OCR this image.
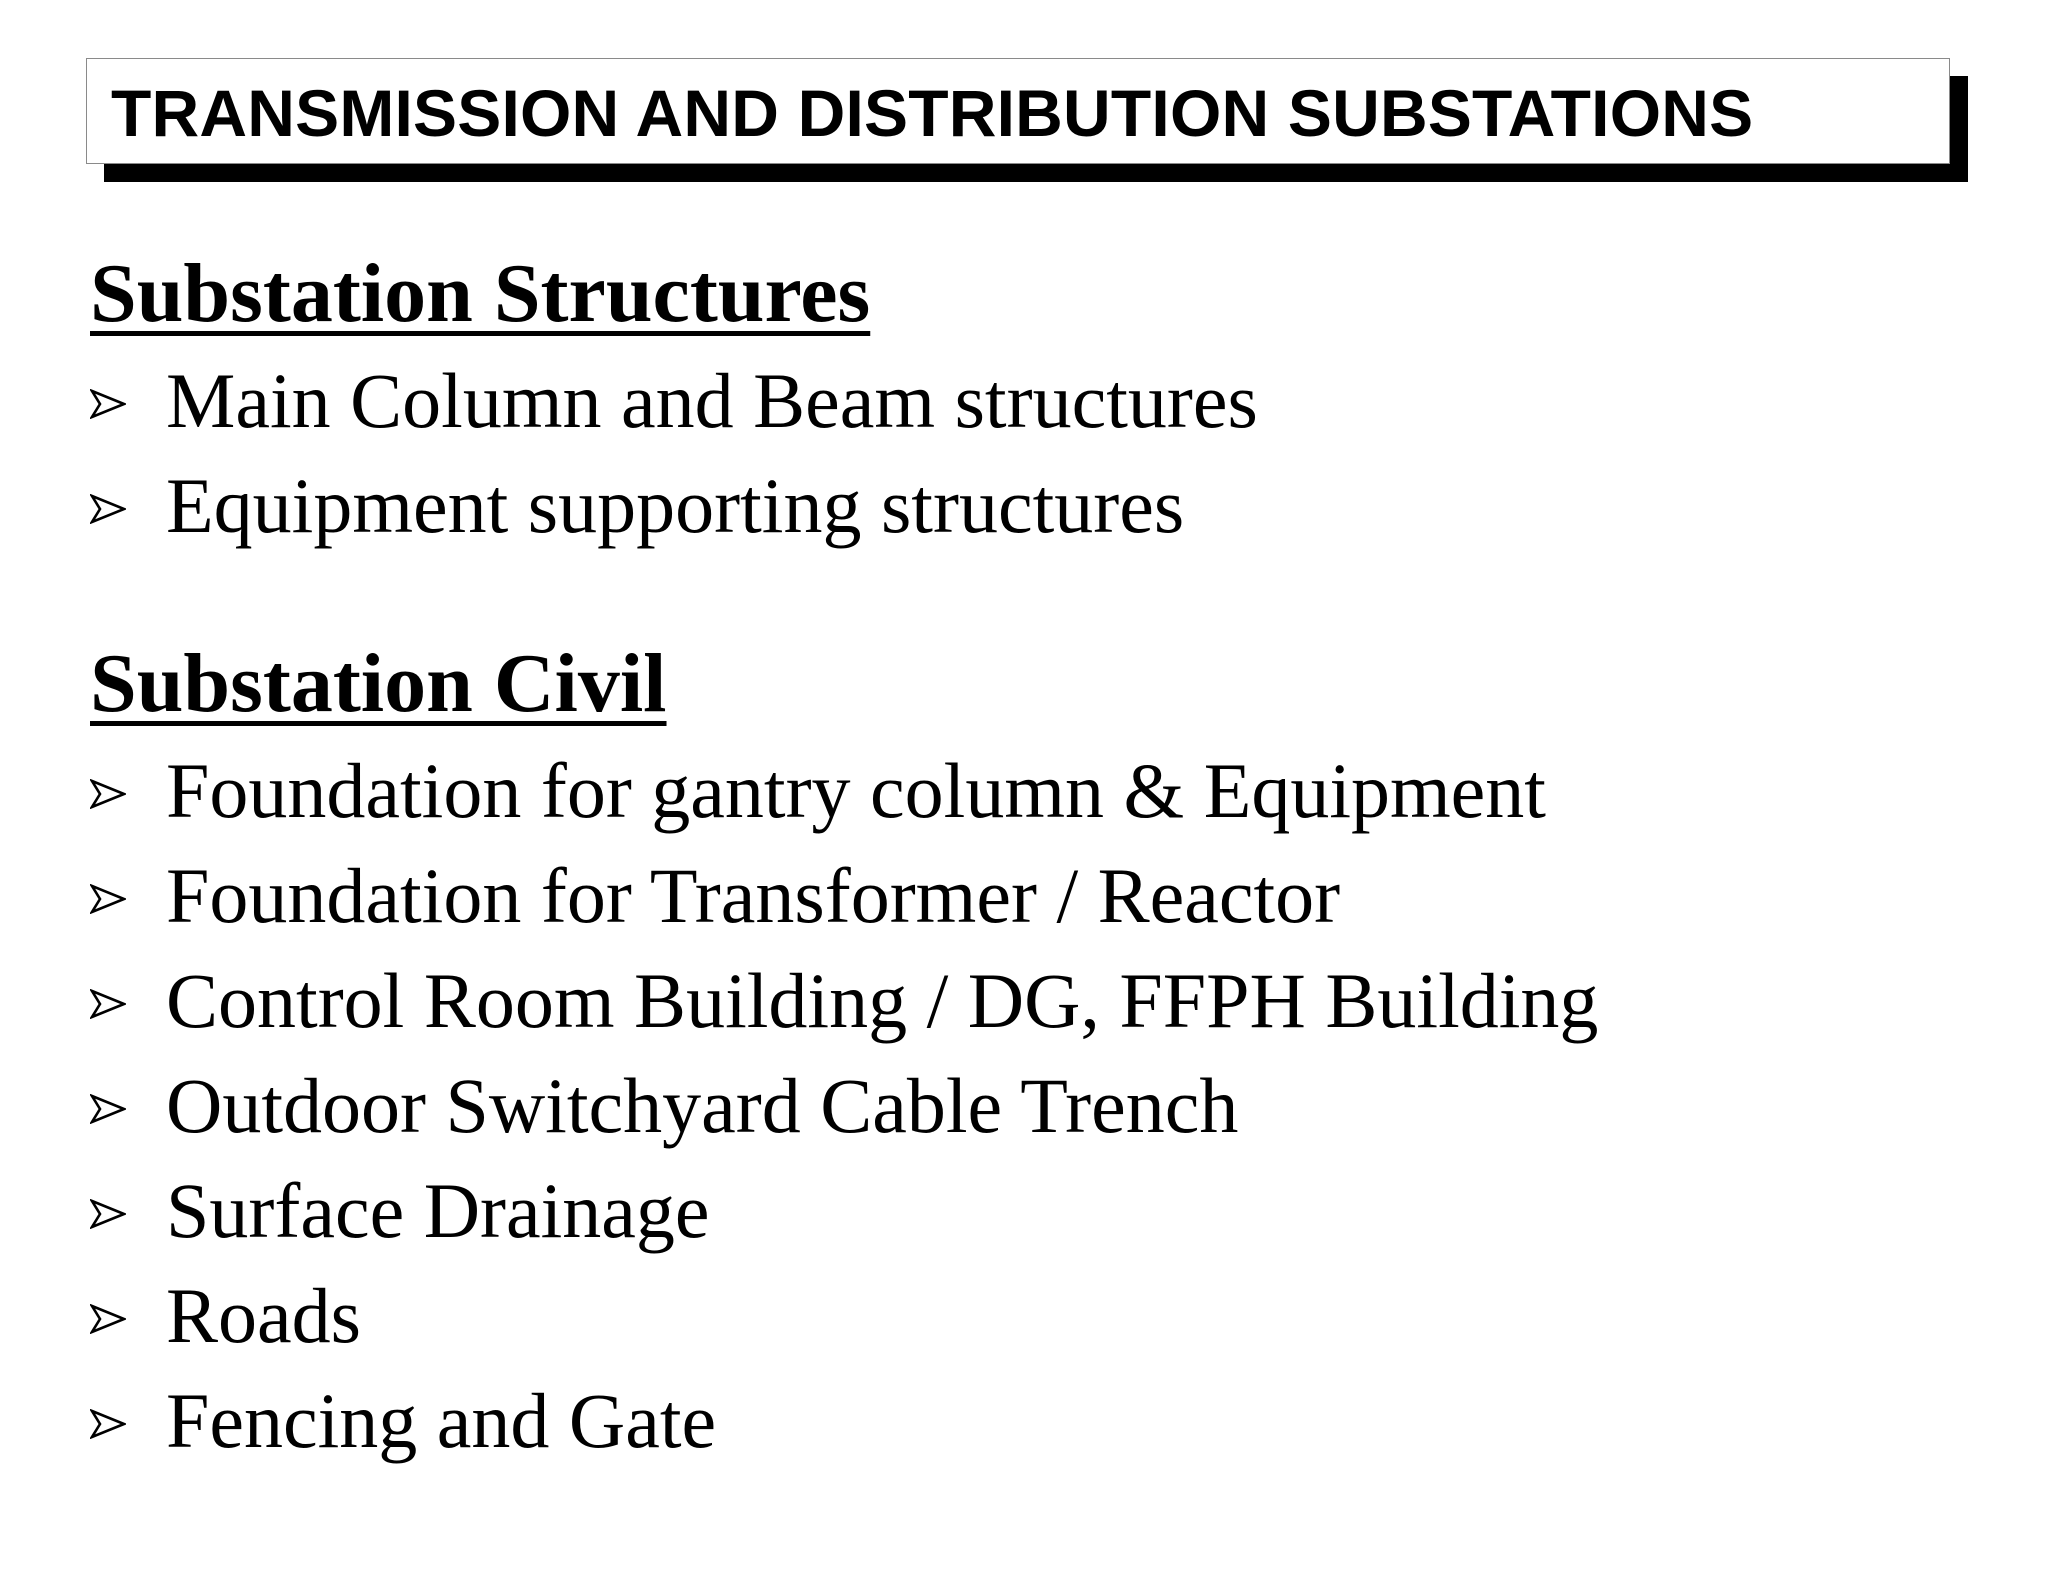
TRANSMISSION AND DISTRIBUTION SUBSTATIONS
Substation Structures
Main Column and Beam structures
Equipment supporting structures
Substation Civil
Foundation for gantry column & Equipment
Foundation for Transformer / Reactor
Control Room Building / DG, FFPH Building
Outdoor Switchyard Cable Trench
Surface Drainage
Roads
Fencing and Gate
